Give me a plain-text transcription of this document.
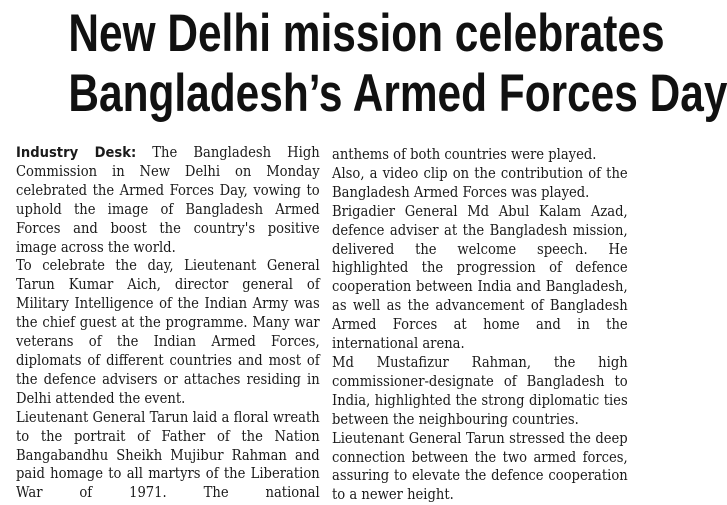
New Delhi mission celebrates
Bangladesh’s Armed Forces Day

Industry Desk: The Bangladesh High Commission in New Delhi on Monday celebrated the Armed Forces Day, vowing to uphold the image of Bangladesh Armed Forces and boost the country's positive image across the world.

To celebrate the day, Lieutenant General Tarun Kumar Aich, director general of Military Intelligence of the Indian Army was the chief guest at the programme. Many war veterans of the Indian Armed Forces, diplomats of different countries and most of the defence advisers or attaches residing in Delhi attended the event.

Lieutenant General Tarun laid a floral wreath to the portrait of Father of the Nation Bangabandhu Sheikh Mujibur Rahman and paid homage to all martyrs of the Liberation War of 1971. The national

anthems of both countries were played.

Also, a video clip on the contribution of the Bangladesh Armed Forces was played.

Brigadier General Md Abul Kalam Azad, defence adviser at the Bangladesh mission, delivered the welcome speech. He highlighted the progression of defence cooperation between India and Bangladesh, as well as the advancement of Bangladesh Armed Forces at home and in the international arena.

Md Mustafizur Rahman, the high commissioner-designate of Bangladesh to India, highlighted the strong diplomatic ties between the neighbouring countries.

Lieutenant General Tarun stressed the deep connection between the two armed forces, assuring to elevate the defence cooperation to a newer height.
